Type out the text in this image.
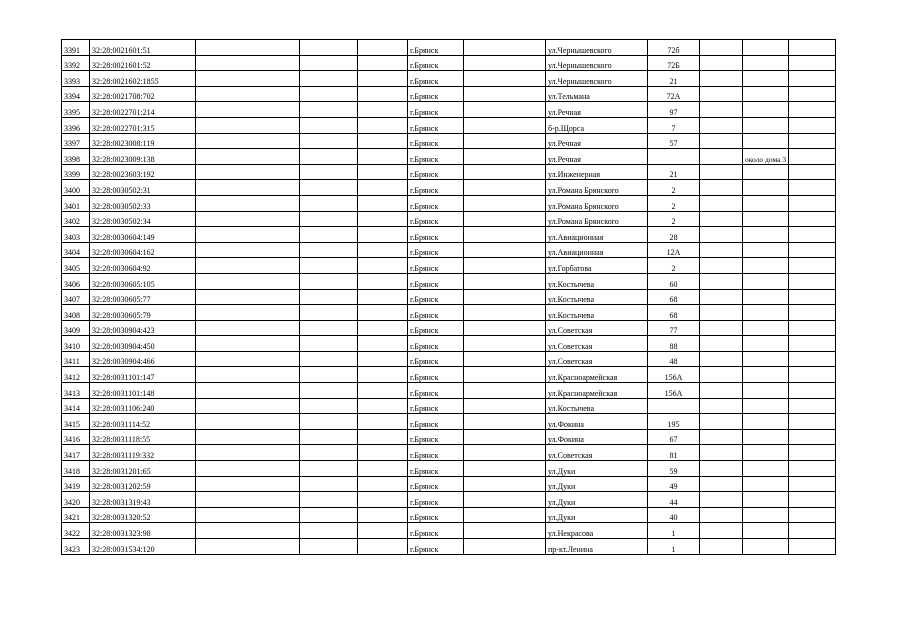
3391	32:28:0021601:51				г.Брянск		ул.Чернышевского	72б			
3392	32:28:0021601:52				г.Брянск		ул.Чернышевского	72Б			
3393	32:28:0021602:1855				г.Брянск		ул.Чернышевского	21			
3394	32:28:0021708:702				г.Брянск		ул.Тельмана	72А			
3395	32:28:0022701:214				г.Брянск		ул.Речная	97			
3396	32:28:0022701:315				г.Брянск		б-р.Щорса	7			
3397	32:28:0023008:119				г.Брянск		ул.Речная	57			
3398	32:28:0023009:138				г.Брянск		ул.Речная			около дома 3	
3399	32:28:0023603:192				г.Брянск		ул.Инженерная	21			
3400	32:28:0030502:31				г.Брянск		ул.Романа Брянского	2			
3401	32:28:0030502:33				г.Брянск		ул.Романа Брянского	2			
3402	32:28:0030502:34				г.Брянск		ул.Романа Брянского	2			
3403	32:28:0030604:149				г.Брянск		ул.Авиационная	28			
3404	32:28:0030604:162				г.Брянск		ул.Авиационная	12А			
3405	32:28:0030604:92				г.Брянск		ул.Горбатова	2			
3406	32:28:0030605:105				г.Брянск		ул.Костычева	60			
3407	32:28:0030605:77				г.Брянск		ул.Костычева	68			
3408	32:28:0030605:79				г.Брянск		ул.Костычева	68			
3409	32:28:0030904:423				г.Брянск		ул.Советская	77			
3410	32:28:0030904:450				г.Брянск		ул.Советская	88			
3411	32:28:0030904:466				г.Брянск		ул.Советская	48			
3412	32:28:0031101:147				г.Брянск		ул.Красноармейская	156А			
3413	32:28:0031101:148				г.Брянск		ул.Красноармейская	156А			
3414	32:28:0031106:240				г.Брянск		ул.Костычева				
3415	32:28:0031114:52				г.Брянск		ул.Фокина	195			
3416	32:28:0031118:55				г.Брянск		ул.Фокина	67			
3417	32:28:0031119:332				г.Брянск		ул.Советская	81			
3418	32:28:0031201:65				г.Брянск		ул.Дуки	59			
3419	32:28:0031202:59				г.Брянск		ул.Дуки	49			
3420	32:28:0031319:43				г.Брянск		ул.Дуки	44			
3421	32:28:0031320:52				г.Брянск		ул.Дуки	40			
3422	32:28:0031323:98				г.Брянск		ул.Некрасова	1			
3423	32:28:0031534:120				г.Брянск		пр-кт.Ленина	1			
